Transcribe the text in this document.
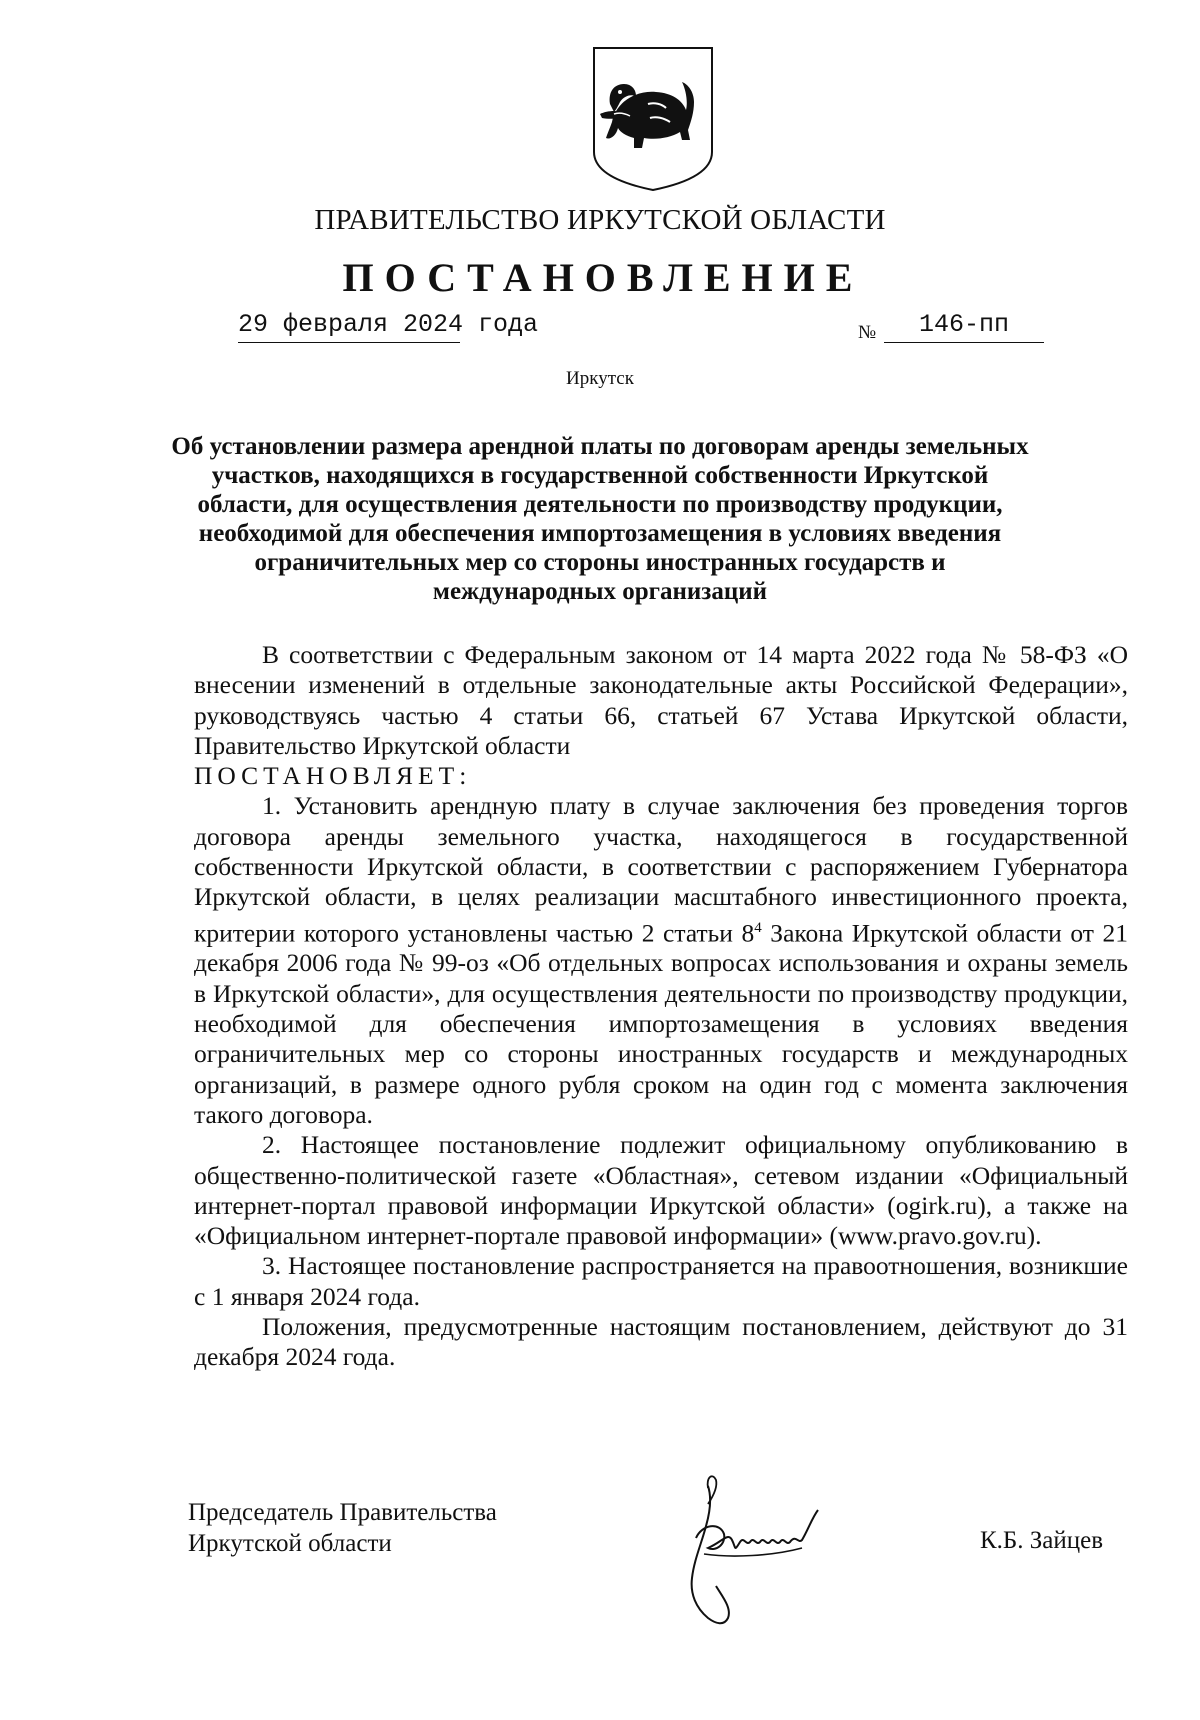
ПРАВИТЕЛЬСТВО ИРКУТСКОЙ ОБЛАСТИ
ПОСТАНОВЛЕНИЕ
29 февраля 2024 года	№	146-пп
Иркутск
Об установлении размера арендной платы по договорам аренды земельных участков, находящихся в государственной собственности Иркутской области, для осуществления деятельности по производству продукции, необходимой для обеспечения импортозамещения в условиях введения ограничительных мер со стороны иностранных государств и международных организаций

В соответствии с Федеральным законом от 14 марта 2022 года № 58-ФЗ «О внесении изменений в отдельные законодательные акты Российской Федерации», руководствуясь частью 4 статьи 66, статьей 67 Устава Иркутской области, Правительство Иркутской области

ПОСТАНОВЛЯЕТ:

1. Установить арендную плату в случае заключения без проведения торгов договора аренды земельного участка, находящегося в государственной собственности Иркутской области, в соответствии с распоряжением Губернатора Иркутской области, в целях реализации масштабного инвестиционного проекта, критерии которого установлены частью 2 статьи $8^4$ Закона Иркутской области от 21 декабря 2006 года № 99-оз «Об отдельных вопросах использования и охраны земель в Иркутской области», для осуществления деятельности по производству продукции, необходимой для обеспечения импортозамещения в условиях введения ограничительных мер со стороны иностранных государств и международных организаций, в размере одного рубля сроком на один год с момента заключения такого договора.

2. Настоящее постановление подлежит официальному опубликованию в общественно-политической газете «Областная», сетевом издании «Официальный интернет-портал правовой информации Иркутской области» (ogirk.ru), а также на «Официальном интернет-портале правовой информации» (www.pravo.gov.ru).

3. Настоящее постановление распространяется на правоотношения, возникшие с 1 января 2024 года.

Положения, предусмотренные настоящим постановлением, действуют до 31 декабря 2024 года.

Председатель Правительства
Иркутской области	К.Б. Зайцев
